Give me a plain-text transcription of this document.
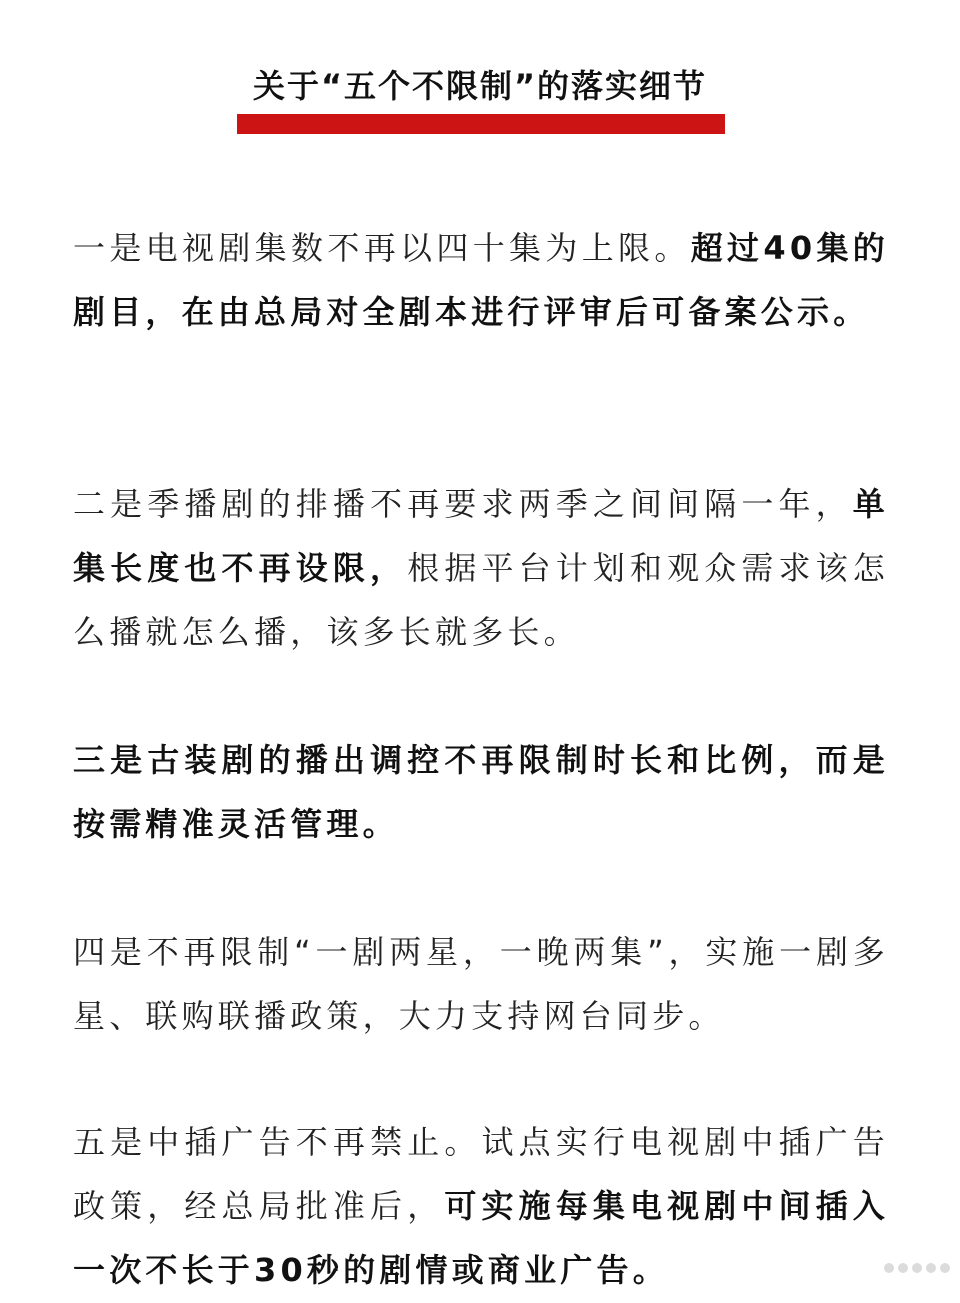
关于“五个不限制”的落实细节

一是电视剧集数不再以四十集为上限。超过40集的剧目，在由总局对全剧本进行评审后可备案公示。

二是季播剧的排播不再要求两季之间间隔一年，单集长度也不再设限，根据平台计划和观众需求该怎么播就怎么播，该多长就多长。

三是古装剧的播出调控不再限制时长和比例，而是按需精准灵活管理。

四是不再限制“一剧两星，一晚两集”，实施一剧多星、联购联播政策，大力支持网台同步。

五是中插广告不再禁止。试点实行电视剧中插广告政策，经总局批准后，可实施每集电视剧中间插入一次不长于30秒的剧情或商业广告。
